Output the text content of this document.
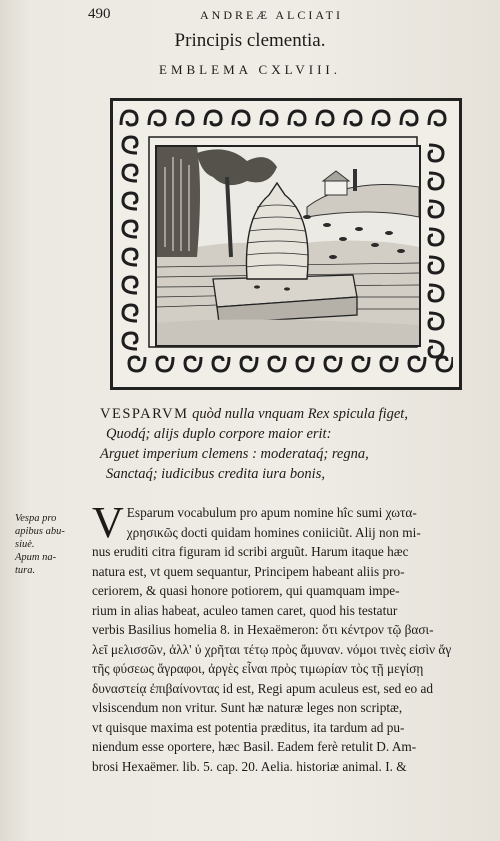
490	ANDREÆ ALCIATI
Principis clementia.
EMBLEMA CXLVIII.
VESPARVM quòd nulla vnquam Rex spicula figet,
Quodq́; alijs duplo corpore maior erit:
Arguet imperium clemens : moderataq́; regna,
Sanctaq́; iudicibus credita iura bonis,
Vespa pro
apibus abu-
siuè.
Apum na-
tura.
V Esparum vocabulum pro apum nomine hîc sumi χωτα-
χρησικῶς docti quidam homines coniiciũt. Alij non mi-
nus eruditi citra figuram id scribi arguũt. Harum itaque hæc
natura est, vt quem sequantur, Principem habeant aliis pro-
ceriorem, & quasi honore potiorem, qui quamquam impe-
rium in alias habeat, aculeo tamen caret, quod his testatur
verbis Basilius homelia 8. in Hexaëmeron: ὅτι κέντρον τῷ βασι-
λεῖ μελισσῶν, ἀλλ' ὐ χρῆται τέτῳ πρὸς ἄμυναν. νόμοι τινὲς εἰσὶν ἄγ
τῆς φύσεως ἄγραφοι, ἀργὲς εἶναι πρὸς τιμωρίαν τὸς τῇ μεγίσῃ
δυναστείᾳ ἐπιβαίνοντας id est, Regi apum aculeus est, sed eo ad
vlsiscendum non vritur. Sunt hæ naturæ leges non scriptæ,
vt quisque maxima est potentia præditus, ita tardum ad pu-
niendum esse oportere, hæc Basil. Eadem ferè retulit D. Am-
brosi Hexaëmer. lib. 5. cap. 20. Aelia. historiæ animal. I. &
